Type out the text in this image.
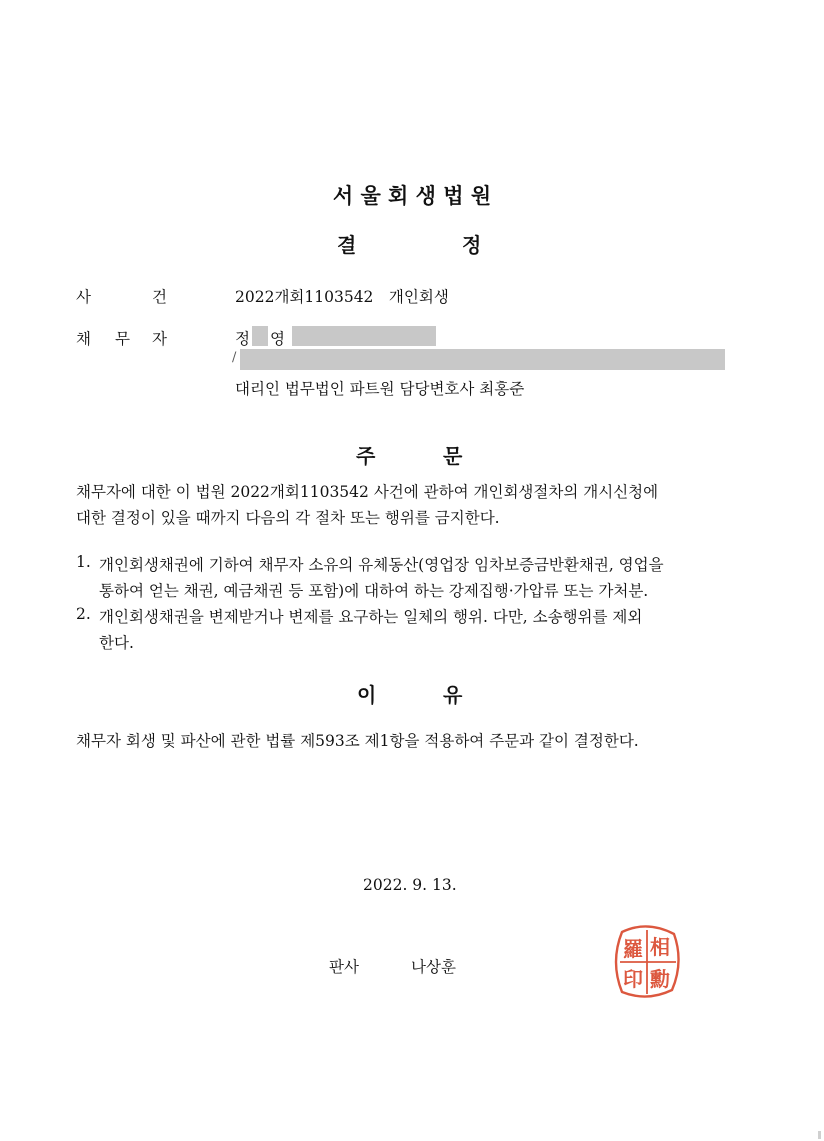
서 울 회 생 법 원
결	정
사	건	2022개회1103542　개인회생
채 무 자	정 영
/
대리인 법무법인 파트원 담당변호사 최홍준
주	문
채무자에 대한 이 법원 2022개회1103542 사건에 관하여 개인회생절차의 개시신청에
대한 결정이 있을 때까지 다음의 각 절차 또는 행위를 금지한다.
1. 개인회생채권에 기하여 채무자 소유의 유체동산(영업장 임차보증금반환채권, 영업을
통하여 얻는 채권, 예금채권 등 포함)에 대하여 하는 강제집행·가압류 또는 가처분.
2. 개인회생채권을 변제받거나 변제를 요구하는 일체의 행위. 다만, 소송행위를 제외
한다.
이	유
채무자 회생 및 파산에 관한 법률 제593조 제1항을 적용하여 주문과 같이 결정한다.
2022. 9. 13.
판사	나상훈
羅 相
印 勳
